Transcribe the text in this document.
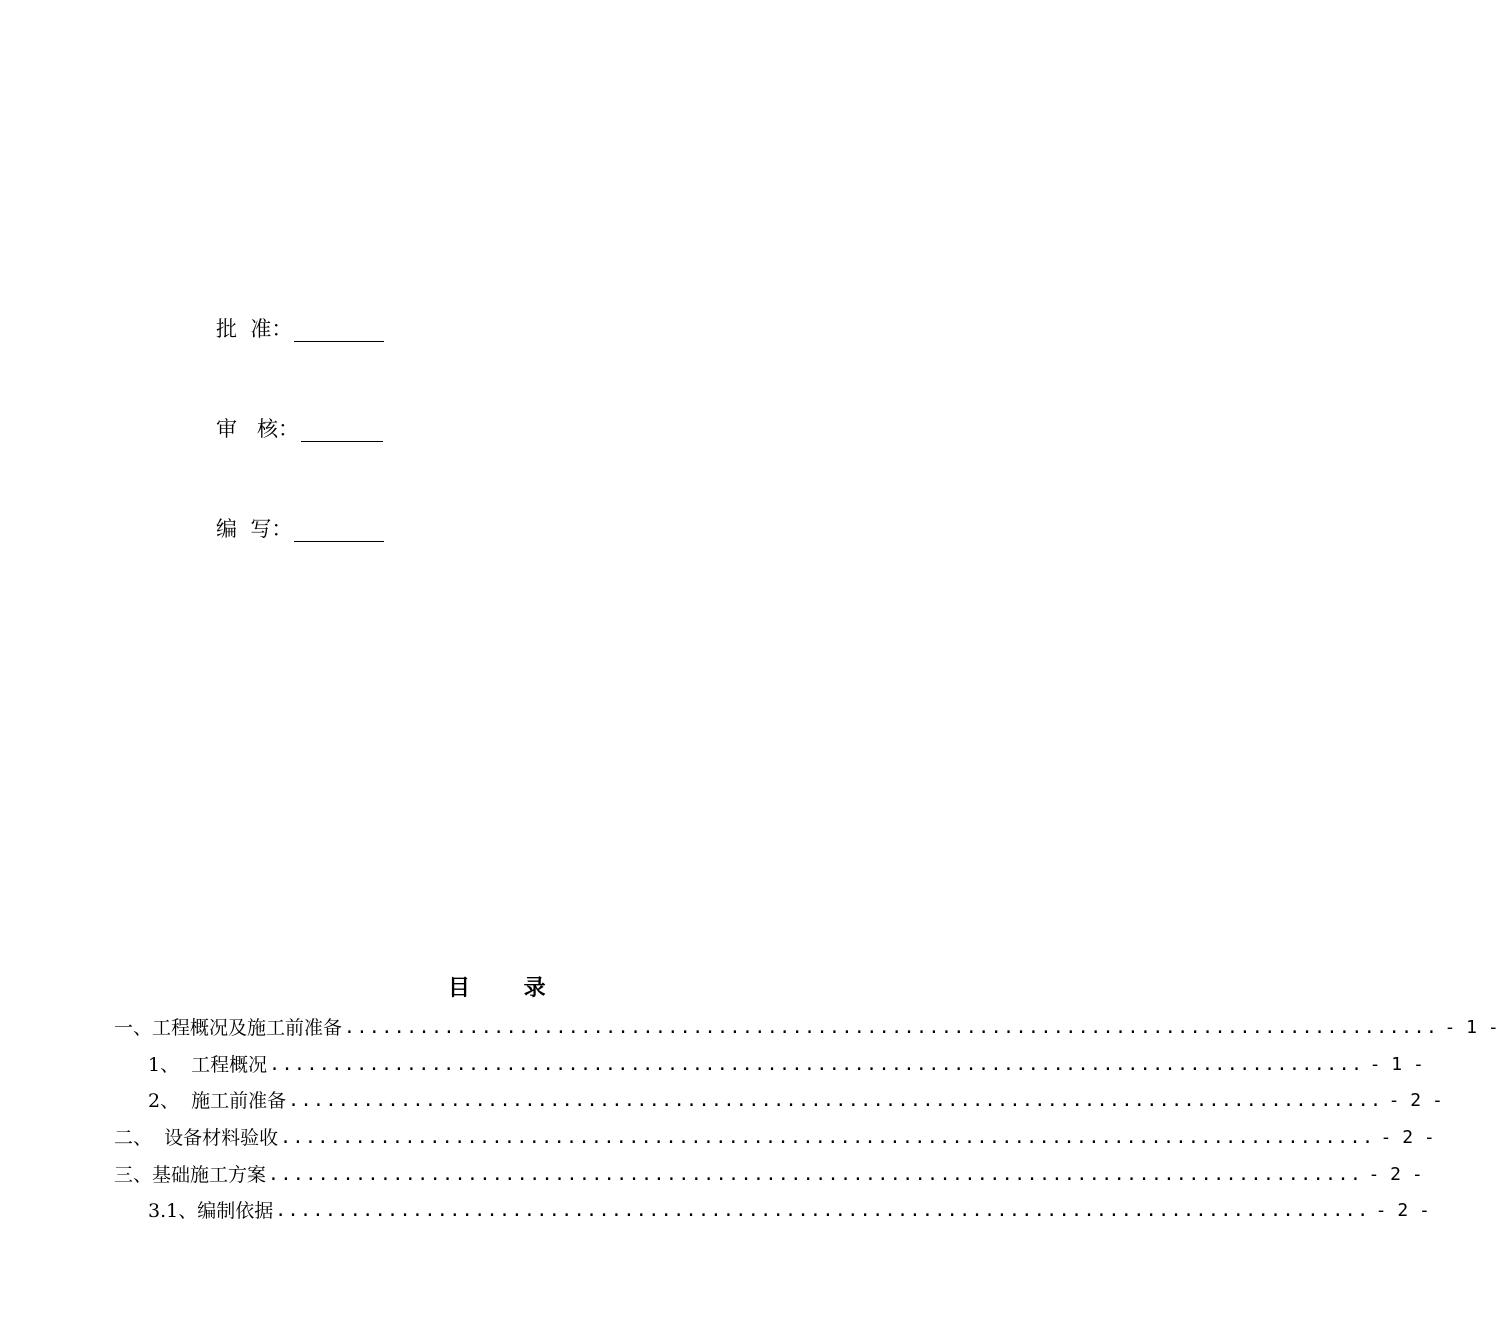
批  准：
审   核：
编  写：
目       录
一、工程概况及施工前准备 ........................................................................................ - 1 -
1、  工程概况 ........................................................................................ - 1 -
2、  施工前准备 ........................................................................................ - 2 -
二、  设备材料验收 ........................................................................................ - 2 -
三、基础施工方案 ........................................................................................ - 2 -
3.1、编制依据 ........................................................................................ - 2 -
